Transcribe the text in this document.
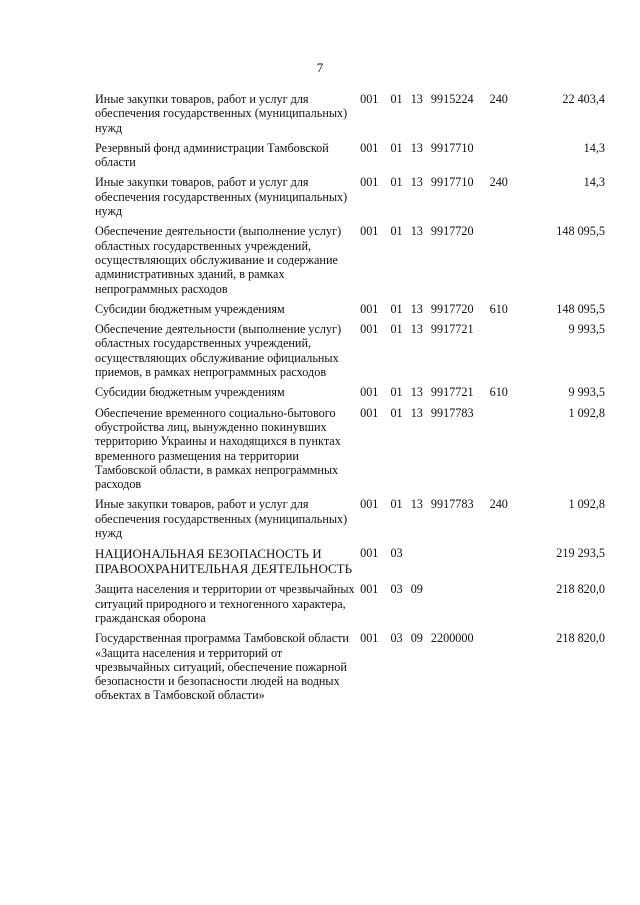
7
Иные закупки товаров, работ и услуг для обеспечения государственных (муниципальных) нужд	001	01	13	9915224	240	22 403,4
Резервный фонд администрации Тамбовской области	001	01	13	9917710		14,3
Иные закупки товаров, работ и услуг для обеспечения государственных (муниципальных) нужд	001	01	13	9917710	240	14,3
Обеспечение деятельности (выполнение услуг) областных государственных учреждений, осуществляющих обслуживание и содержание административных зданий, в рамках непрограммных расходов	001	01	13	9917720		148 095,5
Субсидии бюджетным учреждениям	001	01	13	9917720	610	148 095,5
Обеспечение деятельности (выполнение услуг) областных государственных учреждений, осуществляющих обслуживание официальных приемов, в рамках непрограммных расходов	001	01	13	9917721		9 993,5
Субсидии бюджетным учреждениям	001	01	13	9917721	610	9 993,5
Обеспечение временного социально-бытового обустройства лиц, вынужденно покинувших территорию Украины и находящихся в пунктах временного размещения на территории Тамбовской области, в рамках непрограммных расходов	001	01	13	9917783		1 092,8
Иные закупки товаров, работ и услуг для обеспечения государственных (муниципальных) нужд	001	01	13	9917783	240	1 092,8
НАЦИОНАЛЬНАЯ БЕЗОПАСНОСТЬ И ПРАВООХРАНИТЕЛЬНАЯ ДЕЯТЕЛЬНОСТЬ	001	03				219 293,5
Защита населения и территории от чрезвычайных ситуаций природного и техногенного характера, гражданская оборона	001	03	09			218 820,0
Государственная программа Тамбовской области «Защита населения и территорий от чрезвычайных ситуаций, обеспечение пожарной безопасности и безопасности людей на водных объектах в Тамбовской области»	001	03	09	2200000		218 820,0
